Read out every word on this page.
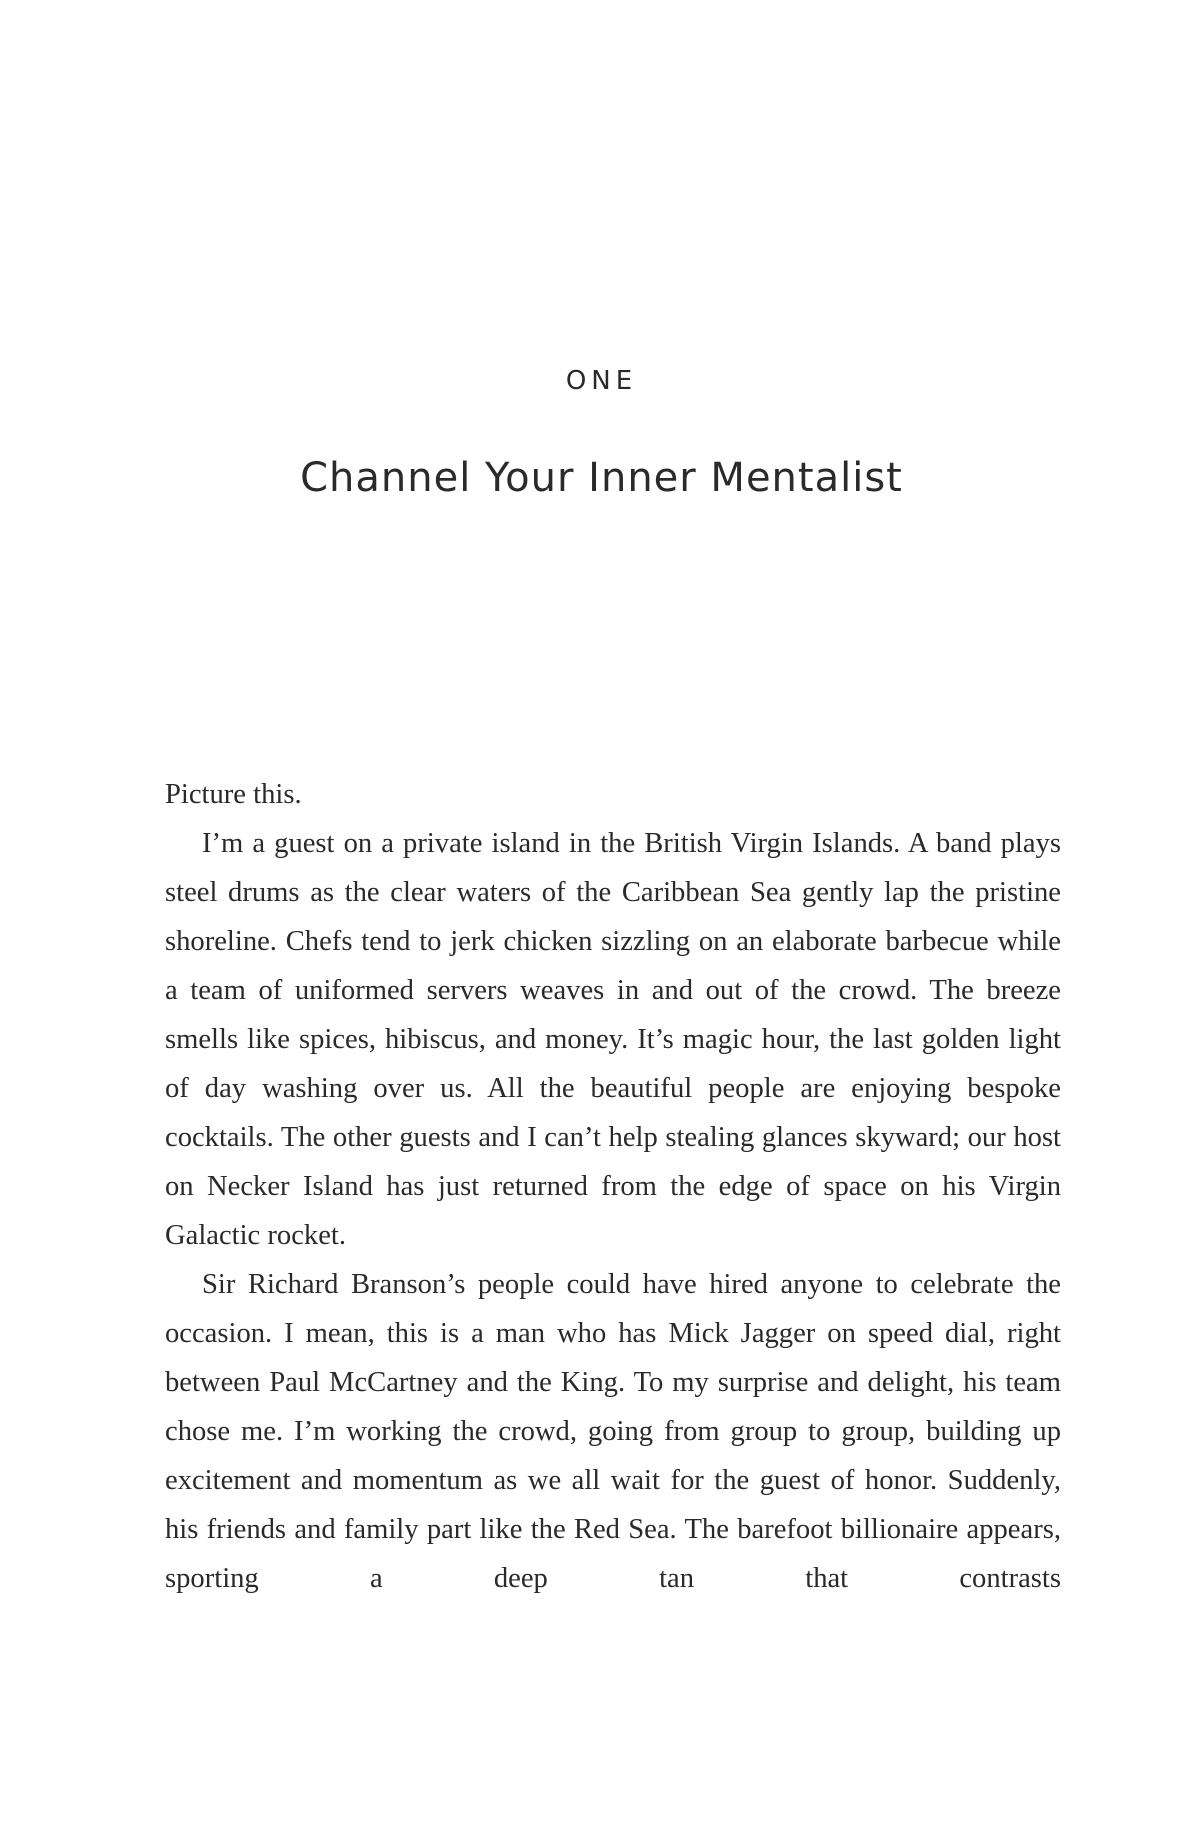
ONE
Channel Your Inner Mentalist

Picture this.

I’m a guest on a private island in the British Virgin Islands. A band plays steel drums as the clear waters of the Caribbean Sea gently lap the pristine shoreline. Chefs tend to jerk chicken sizzling on an elaborate barbecue while a team of uniformed servers weaves in and out of the crowd. The breeze smells like spices, hibiscus, and money. It’s magic hour, the last golden light of day washing over us. All the beautiful people are enjoying bespoke cocktails. The other guests and I can’t help stealing glances skyward; our host on Necker Island has just returned from the edge of space on his Virgin Galactic rocket.

Sir Richard Branson’s people could have hired anyone to celebrate the occasion. I mean, this is a man who has Mick Jagger on speed dial, right between Paul McCartney and the King. To my surprise and delight, his team chose me. I’m working the crowd, going from group to group, building up excitement and momentum as we all wait for the guest of honor. Suddenly, his friends and family part like the Red Sea. The barefoot billionaire appears, sporting a deep tan that contrasts
